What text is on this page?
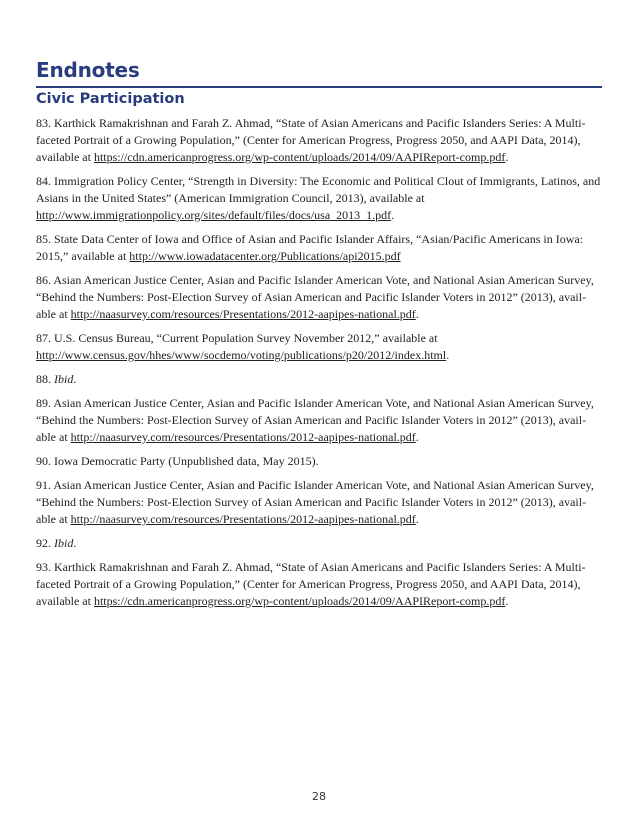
Endnotes
Civic Participation

83. Karthick Ramakrishnan and Farah Z. Ahmad, “State of Asian Americans and Pacific Islanders Series: A Multi-faceted Portrait of a Growing Population,” (Center for American Progress, Progress 2050, and AAPI Data, 2014), available at https://cdn.americanprogress.org/wp-content/uploads/2014/09/AAPIReport-comp.pdf.

84. Immigration Policy Center, “Strength in Diversity: The Economic and Political Clout of Immigrants, Latinos, and Asians in the United States” (American Immigration Council, 2013), available at http://www.immigrationpolicy.org/sites/default/files/docs/usa_2013_1.pdf.

85. State Data Center of Iowa and Office of Asian and Pacific Islander Affairs, “Asian/Pacific Americans in Iowa: 2015,” available at http://www.iowadatacenter.org/Publications/api2015.pdf

86. Asian American Justice Center, Asian and Pacific Islander American Vote, and National Asian American Survey, “Behind the Numbers: Post-Election Survey of Asian American and Pacific Islander Voters in 2012” (2013), avail-able at http://naasurvey.com/resources/Presentations/2012-aapipes-national.pdf.

87. U.S. Census Bureau, “Current Population Survey November 2012,” available at http://www.census.gov/hhes/www/socdemo/voting/publications/p20/2012/index.html.

88. Ibid.

89. Asian American Justice Center, Asian and Pacific Islander American Vote, and National Asian American Survey, “Behind the Numbers: Post-Election Survey of Asian American and Pacific Islander Voters in 2012” (2013), avail-able at http://naasurvey.com/resources/Presentations/2012-aapipes-national.pdf.

90. Iowa Democratic Party (Unpublished data, May 2015).

91. Asian American Justice Center, Asian and Pacific Islander American Vote, and National Asian American Survey, “Behind the Numbers: Post-Election Survey of Asian American and Pacific Islander Voters in 2012” (2013), avail-able at http://naasurvey.com/resources/Presentations/2012-aapipes-national.pdf.

92. Ibid.

93. Karthick Ramakrishnan and Farah Z. Ahmad, “State of Asian Americans and Pacific Islanders Series: A Multi-faceted Portrait of a Growing Population,” (Center for American Progress, Progress 2050, and AAPI Data, 2014), available at https://cdn.americanprogress.org/wp-content/uploads/2014/09/AAPIReport-comp.pdf.

28
